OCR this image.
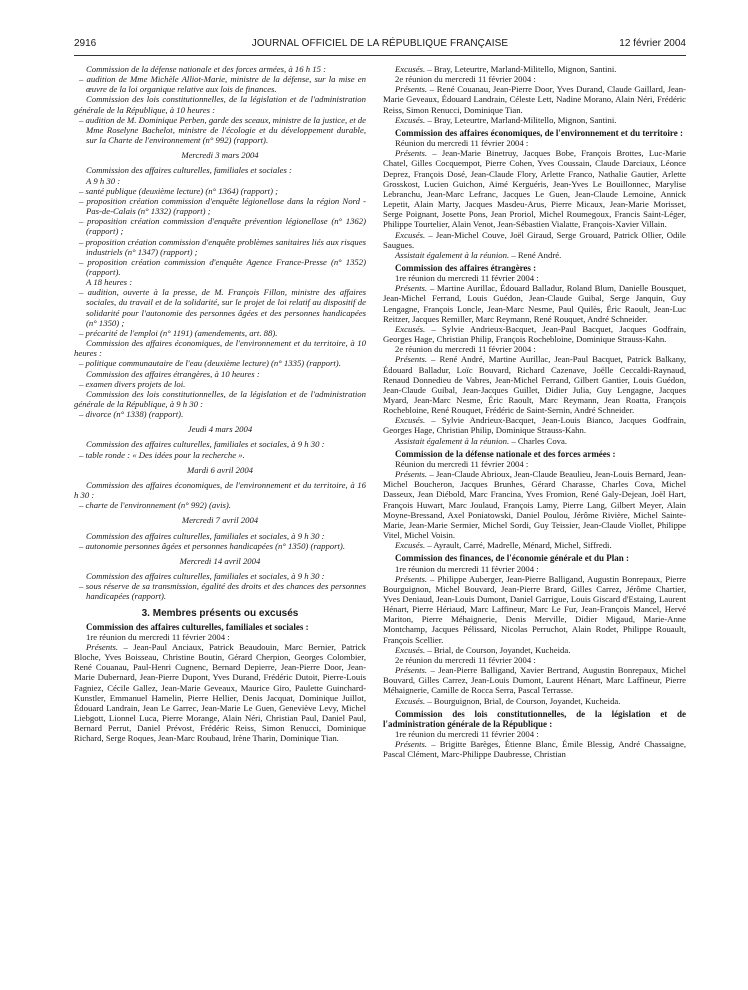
2916	JOURNAL OFFICIEL DE LA RÉPUBLIQUE FRANÇAISE	12 février 2004

Commission de la défense nationale et des forces armées, à 16 h 15 :

– audition de Mme Michèle Alliot-Marie, ministre de la défense, sur la mise en œuvre de la loi organique relative aux lois de finances.

Commission des lois constitutionnelles, de la législation et de l'administration générale de la République, à 10 heures :

– audition de M. Dominique Perben, garde des sceaux, ministre de la justice, et de Mme Roselyne Bachelot, ministre de l'écologie et du développement durable, sur la Charte de l'environnement (n° 992) (rapport).

Mercredi 3 mars 2004

Commission des affaires culturelles, familiales et sociales :

A 9 h 30 :

– santé publique (deuxième lecture) (n° 1364) (rapport) ;

– proposition création commission d'enquête légionellose dans la région Nord - Pas-de-Calais (n° 1332) (rapport) ;

– proposition création commission d'enquête prévention légionellose (n° 1362) (rapport) ;

– proposition création commission d'enquête problèmes sanitaires liés aux risques industriels (n° 1347) (rapport) ;

– proposition création commission d'enquête Agence France-Presse (n° 1352) (rapport).

A 18 heures :

– audition, ouverte à la presse, de M. François Fillon, ministre des affaires sociales, du travail et de la solidarité, sur le projet de loi relatif au dispositif de solidarité pour l'autonomie des personnes âgées et des personnes handicapées (n° 1350) ;

– précarité de l'emploi (n° 1191) (amendements, art. 88).

Commission des affaires économiques, de l'environnement et du territoire, à 10 heures :

– politique communautaire de l'eau (deuxième lecture) (n° 1335) (rapport).

Commission des affaires étrangères, à 10 heures :

– examen divers projets de loi.

Commission des lois constitutionnelles, de la législation et de l'administration générale de la République, à 9 h 30 :

– divorce (n° 1338) (rapport).

Jeudi 4 mars 2004

Commission des affaires culturelles, familiales et sociales, à 9 h 30 :

– table ronde : « Des idées pour la recherche ».

Mardi 6 avril 2004

Commission des affaires économiques, de l'environnement et du territoire, à 16 h 30 :

– charte de l'environnement (n° 992) (avis).

Mercredi 7 avril 2004

Commission des affaires culturelles, familiales et sociales, à 9 h 30 :

– autonomie personnes âgées et personnes handicapées (n° 1350) (rapport).

Mercredi 14 avril 2004

Commission des affaires culturelles, familiales et sociales, à 9 h 30 :

– sous réserve de sa transmission, égalité des droits et des chances des personnes handicapées (rapport).

3. Membres présents ou excusés

Commission des affaires culturelles, familiales et sociales :

1re réunion du mercredi 11 février 2004 :

Présents. – Jean-Paul Anciaux, Patrick Beaudouin, Marc Bernier, Patrick Bloche, Yves Boisseau, Christine Boutin, Gérard Cherpion, Georges Colombier, René Couanau, Paul-Henri Cugnenc, Bernard Depierre, Jean-Pierre Door, Jean-Marie Dubernard, Jean-Pierre Dupont, Yves Durand, Frédéric Dutoit, Pierre-Louis Fagniez, Cécile Gallez, Jean-Marie Geveaux, Maurice Giro, Paulette Guinchard-Kunstler, Emmanuel Hamelin, Pierre Hellier, Denis Jacquat, Dominique Juillot, Édouard Landrain, Jean Le Garrec, Jean-Marie Le Guen, Geneviève Levy, Michel Liebgott, Lionnel Luca, Pierre Morange, Alain Néri, Christian Paul, Daniel Paul, Bernard Perrut, Daniel Prévost, Frédéric Reiss, Simon Renucci, Dominique Richard, Serge Roques, Jean-Marc Roubaud, Irène Tharin, Dominique Tian.

Excusés. – Bray, Leteurtre, Marland-Militello, Mignon, Santini.

2e réunion du mercredi 11 février 2004 :

Présents. – René Couanau, Jean-Pierre Door, Yves Durand, Claude Gaillard, Jean-Marie Geveaux, Édouard Landrain, Céleste Lett, Nadine Morano, Alain Néri, Frédéric Reiss, Simon Renucci, Dominique Tian.

Excusés. – Bray, Leteurtre, Marland-Militello, Mignon, Santini.

Commission des affaires économiques, de l'environnement et du territoire :

Réunion du mercredi 11 février 2004 :

Présents. – Jean-Marie Binetruy, Jacques Bobe, François Brottes, Luc-Marie Chatel, Gilles Cocquempot, Pierre Cohen, Yves Coussain, Claude Darciaux, Léonce Deprez, François Dosé, Jean-Claude Flory, Arlette Franco, Nathalie Gautier, Arlette Grosskost, Lucien Guichon, Aimé Kerguéris, Jean-Yves Le Bouillonnec, Marylise Lebranchu, Jean-Marc Lefranc, Jacques Le Guen, Jean-Claude Lemoine, Annick Lepetit, Alain Marty, Jacques Masdeu-Arus, Pierre Micaux, Jean-Marie Morisset, Serge Poignant, Josette Pons, Jean Proriol, Michel Roumegoux, Francis Saint-Léger, Philippe Tourtelier, Alain Venot, Jean-Sébastien Vialatte, François-Xavier Villain.

Excusés. – Jean-Michel Couve, Joël Giraud, Serge Grouard, Patrick Ollier, Odile Saugues.

Assistait également à la réunion. – René André.

Commission des affaires étrangères :

1re réunion du mercredi 11 février 2004 :

Présents. – Martine Aurillac, Édouard Balladur, Roland Blum, Danielle Bousquet, Jean-Michel Ferrand, Louis Guédon, Jean-Claude Guibal, Serge Janquin, Guy Lengagne, François Loncle, Jean-Marc Nesme, Paul Quilès, Éric Raoult, Jean-Luc Reitzer, Jacques Remiller, Marc Reymann, René Rouquet, André Schneider.

Excusés. – Sylvie Andrieux-Bacquet, Jean-Paul Bacquet, Jacques Godfrain, Georges Hage, Christian Philip, François Rochebloine, Dominique Strauss-Kahn.

2e réunion du mercredi 11 février 2004 :

Présents. – René André, Martine Aurillac, Jean-Paul Bacquet, Patrick Balkany, Édouard Balladur, Loïc Bouvard, Richard Cazenave, Joëlle Ceccaldi-Raynaud, Renaud Donnedieu de Vabres, Jean-Michel Ferrand, Gilbert Gantier, Louis Guédon, Jean-Claude Guibal, Jean-Jacques Guillet, Didier Julia, Guy Lengagne, Jacques Myard, Jean-Marc Nesme, Éric Raoult, Marc Reymann, Jean Roatta, François Rochebloine, René Rouquet, Frédéric de Saint-Sernin, André Schneider.

Excusés. – Sylvie Andrieux-Bacquet, Jean-Louis Bianco, Jacques Godfrain, Georges Hage, Christian Philip, Dominique Strauss-Kahn.

Assistait également à la réunion. – Charles Cova.

Commission de la défense nationale et des forces armées :

Réunion du mercredi 11 février 2004 :

Présents. – Jean-Claude Abrioux, Jean-Claude Beaulieu, Jean-Louis Bernard, Jean-Michel Boucheron, Jacques Brunhes, Gérard Charasse, Charles Cova, Michel Dasseux, Jean Diébold, Marc Francina, Yves Fromion, René Galy-Dejean, Joël Hart, François Huwart, Marc Joulaud, François Lamy, Pierre Lang, Gilbert Meyer, Alain Moyne-Bressand, Axel Poniatowski, Daniel Poulou, Jérôme Rivière, Michel Sainte-Marie, Jean-Marie Sermier, Michel Sordi, Guy Teissier, Jean-Claude Viollet, Philippe Vitel, Michel Voisin.

Excusés. – Ayrault, Carré, Madrelle, Ménard, Michel, Siffredi.

Commission des finances, de l'économie générale et du Plan :

1re réunion du mercredi 11 février 2004 :

Présents. – Philippe Auberger, Jean-Pierre Balligand, Augustin Bonrepaux, Pierre Bourguignon, Michel Bouvard, Jean-Pierre Brard, Gilles Carrez, Jérôme Chartier, Yves Deniaud, Jean-Louis Dumont, Daniel Garrigue, Louis Giscard d'Estaing, Laurent Hénart, Pierre Hériaud, Marc Laffineur, Marc Le Fur, Jean-François Mancel, Hervé Mariton, Pierre Méhaignerie, Denis Merville, Didier Migaud, Marie-Anne Montchamp, Jacques Pélissard, Nicolas Perruchot, Alain Rodet, Philippe Rouault, François Scellier.

Excusés. – Brial, de Courson, Joyandet, Kucheida.

2e réunion du mercredi 11 février 2004 :

Présents. – Jean-Pierre Balligand, Xavier Bertrand, Augustin Bonrepaux, Michel Bouvard, Gilles Carrez, Jean-Louis Dumont, Laurent Hénart, Marc Laffineur, Pierre Méhaignerie, Camille de Rocca Serra, Pascal Terrasse.

Excusés. – Bourguignon, Brial, de Courson, Joyandet, Kucheida.

Commission des lois constitutionnelles, de la législation et de l'administration générale de la République :

1re réunion du mercredi 11 février 2004 :

Présents. – Brigitte Barèges, Étienne Blanc, Émile Blessig, André Chassaigne, Pascal Clément, Marc-Philippe Daubresse, Christian
